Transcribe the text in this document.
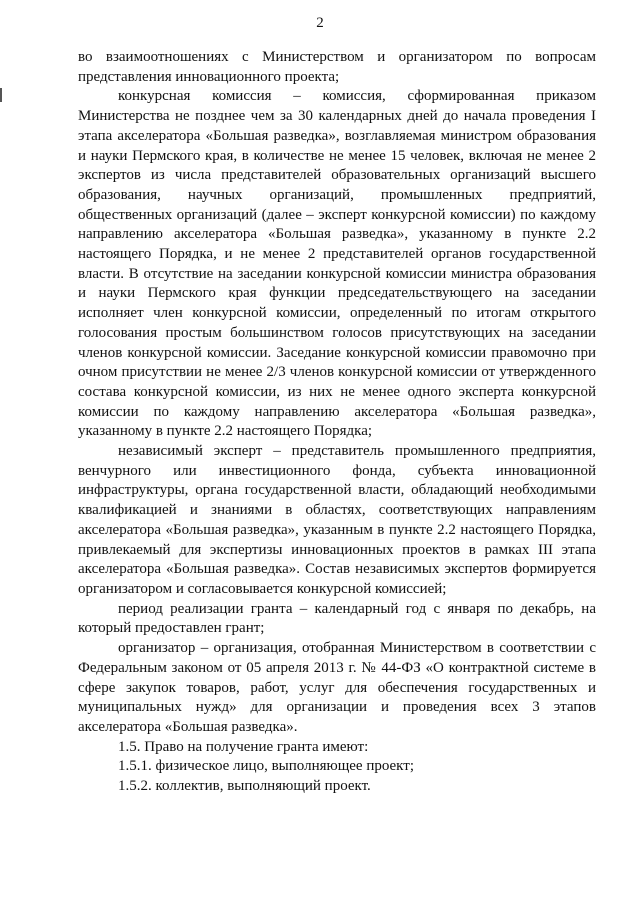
2

во взаимоотношениях с Министерством и организатором по вопросам представления инновационного проекта;

конкурсная комиссия – комиссия, сформированная приказом Министерства не позднее чем за 30 календарных дней до начала проведения I этапа акселератора «Большая разведка», возглавляемая министром образования и науки Пермского края, в количестве не менее 15 человек, включая не менее 2 экспертов из числа представителей образовательных организаций высшего образования, научных организаций, промышленных предприятий, общественных организаций (далее – эксперт конкурсной комиссии) по каждому направлению акселератора «Большая разведка», указанному в пункте 2.2 настоящего Порядка, и не менее 2 представителей органов государственной власти. В отсутствие на заседании конкурсной комиссии министра образования и науки Пермского края функции председательствующего на заседании исполняет член конкурсной комиссии, определенный по итогам открытого голосования простым большинством голосов присутствующих на заседании членов конкурсной комиссии. Заседание конкурсной комиссии правомочно при очном присутствии не менее 2/3 членов конкурсной комиссии от утвержденного состава конкурсной комиссии, из них не менее одного эксперта конкурсной комиссии по каждому направлению акселератора «Большая разведка», указанному в пункте 2.2 настоящего Порядка;

независимый эксперт – представитель промышленного предприятия, венчурного или инвестиционного фонда, субъекта инновационной инфраструктуры, органа государственной власти, обладающий необходимыми квалификацией и знаниями в областях, соответствующих направлениям акселератора «Большая разведка», указанным в пункте 2.2 настоящего Порядка, привлекаемый для экспертизы инновационных проектов в рамках III этапа акселератора «Большая разведка». Состав независимых экспертов формируется организатором и согласовывается конкурсной комиссией;

период реализации гранта – календарный год с января по декабрь, на который предоставлен грант;

организатор – организация, отобранная Министерством в соответствии с Федеральным законом от 05 апреля 2013 г. № 44-ФЗ «О контрактной системе в сфере закупок товаров, работ, услуг для обеспечения государственных и муниципальных нужд» для организации и проведения всех 3 этапов акселератора «Большая разведка».

1.5. Право на получение гранта имеют:

1.5.1. физическое лицо, выполняющее проект;

1.5.2. коллектив, выполняющий проект.
